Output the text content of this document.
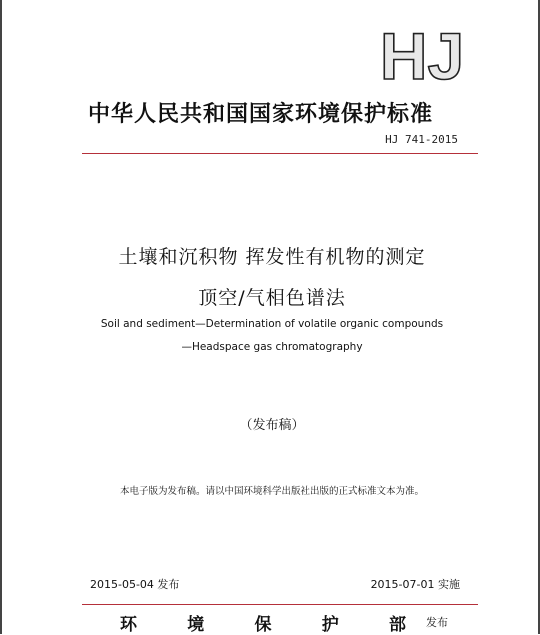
HJ
中华人民共和国国家环境保护标准
HJ 741-2015
土壤和沉积物 挥发性有机物的测定
顶空/气相色谱法
Soil and sediment—Determination of volatile organic compounds
—Headspace gas chromatography
（发布稿）
本电子版为发布稿。请以中国环境科学出版社出版的正式标准文本为准。
2015-05-04 发布	2015-07-01 实施
环	境	保	护	部 发布
